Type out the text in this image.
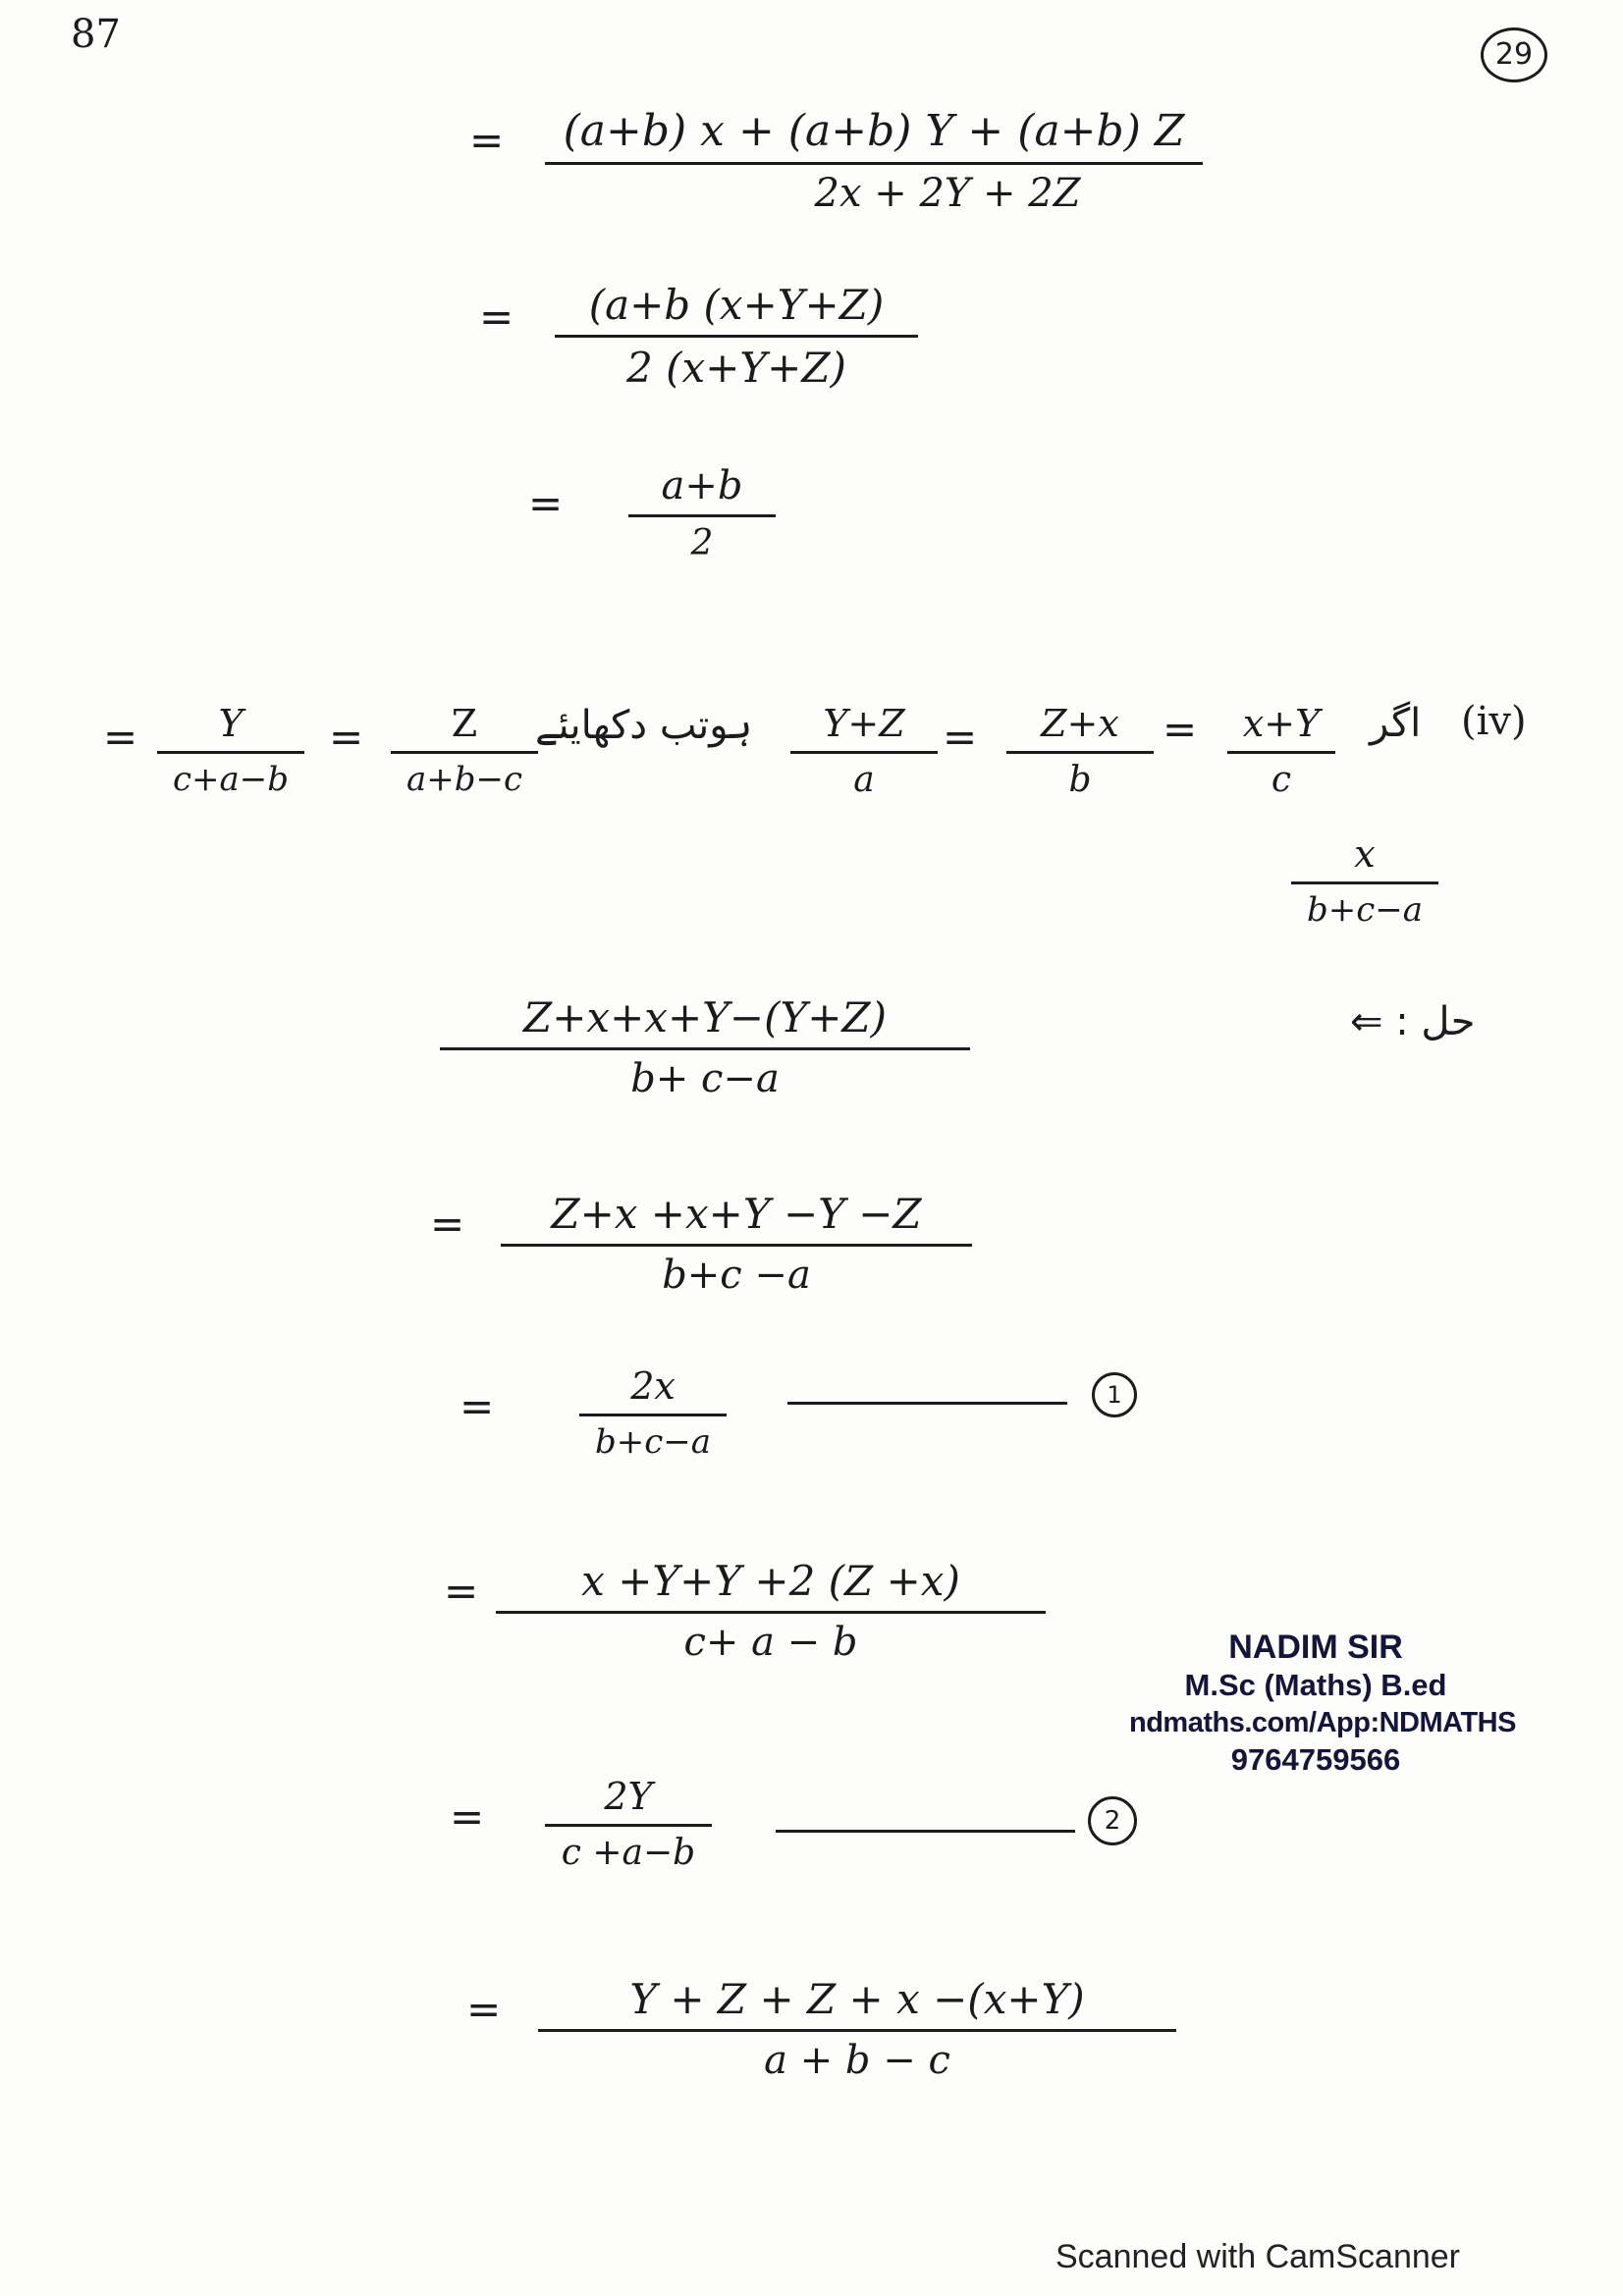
87	29
=	(a+b) x + (a+b) Y + (a+b) Z
2x + 2Y + 2Z
=	(a+b (x+Y+Z)
2 (x+Y+Z)
=	a+b
2
(iv)
اگر
x+Y
c
=
Z+x
b
=
Y+Z
a
ہوتب دکھایئے
Z
a+b−c
=
Y
c+a−b
=
x
b+c−a
حل : ⇐
Z+x+x+Y−(Y+Z)
b+ c−a
=	Z+x +x+Y −Y −Z
b+c −a
=	2x
b+c−a
1
=	x +Y+Y +2 (Z +x)
c+ a − b
=	2Y
c +a−b
2
=	Y + Z + Z + x −(x+Y)
a + b − c
NADIM SIR
M.Sc (Maths) B.ed
ndmaths.com/App:NDMATHS
9764759566
Scanned with CamScanner
